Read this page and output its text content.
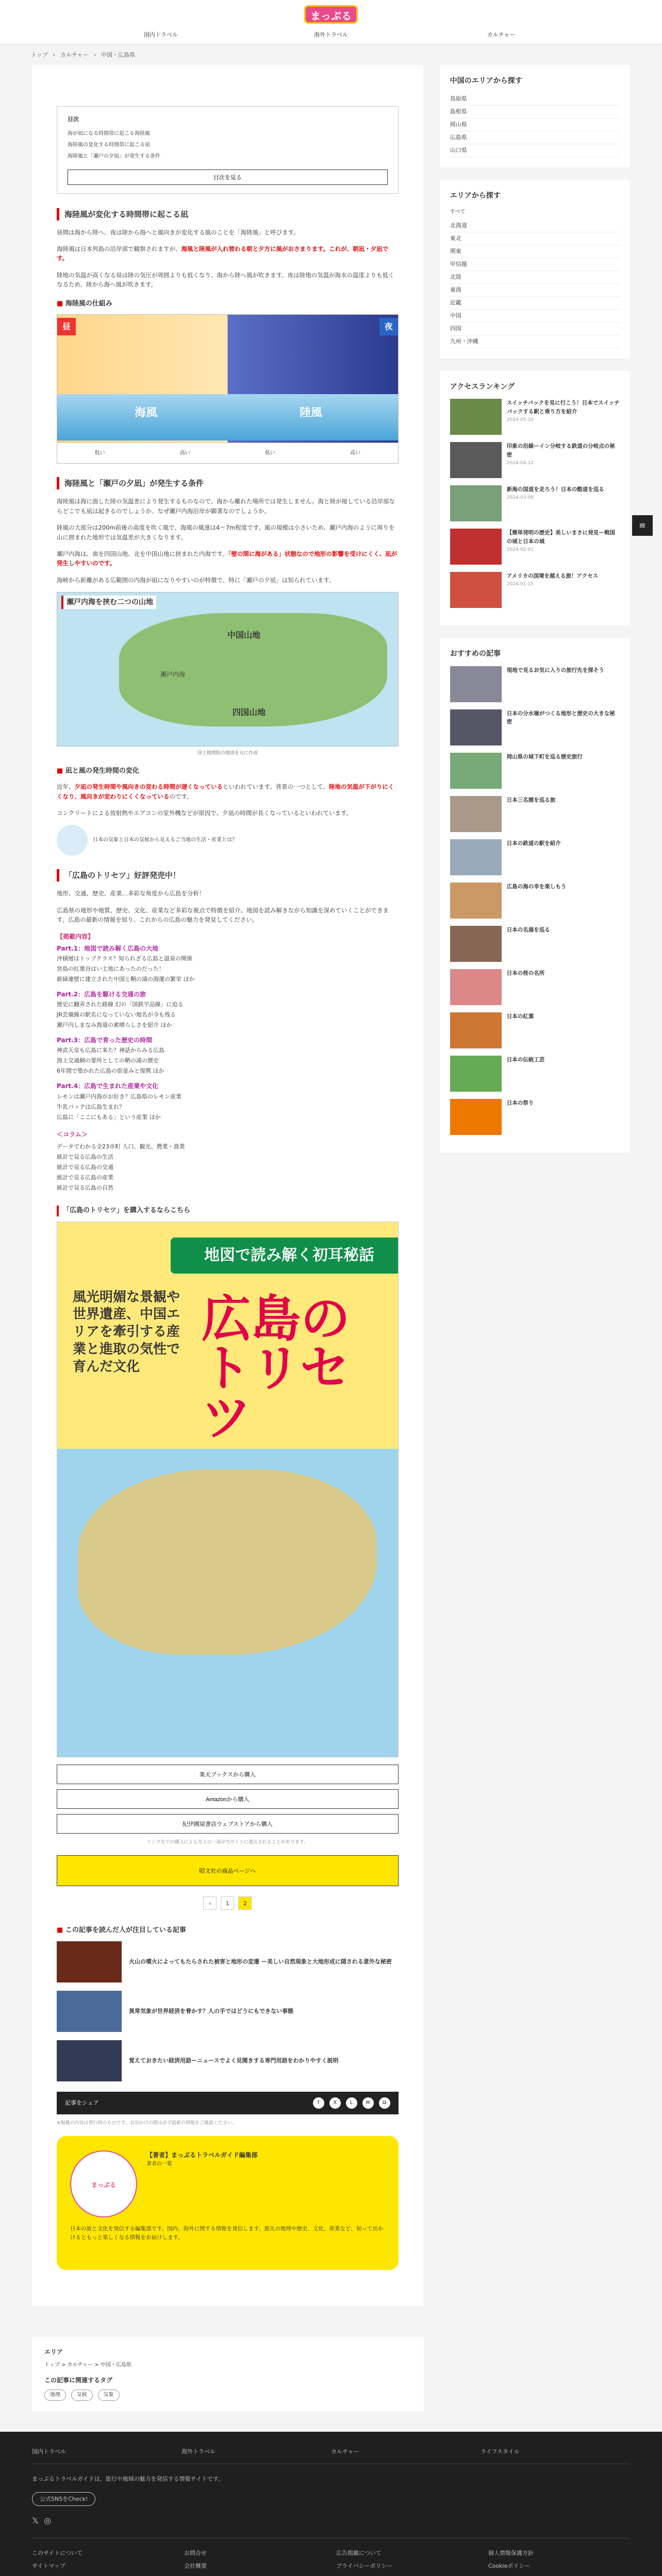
まっぷる
国内トラベル	海外トラベル	カルチャー
トップ › カルチャー › 中国・広島県
目次
海が凪になる時間帯に起こる海陸風
海陸風の変化する時間帯に起こる凪
海陸風と「瀬戸の夕凪」が発生する条件
目次を見る
海陸風が変化する時間帯に起こる凪

昼間は海から陸へ、夜は陸から海へと風向きが変化する風のことを「海陸風」と呼びます。

海陸風は日本列島の沿岸部で観察されますが、海風と陸風が入れ替わる朝と夕方に風がおさまります。これが、朝凪・夕凪です。

陸地の気温が高くなる昼は陸の気圧が周囲よりも低くなり、海から陸へ風が吹きます。夜は陸地の気温が海水の温度よりも低くなるため、陸から海へ風が吹きます。

■ 海陸風の仕組み
昼	夜
海風	陸風
低い	高い	低い	高い
海陸風と「瀬戸の夕凪」が発生する条件

海陸風は海に面した陸の気温差により発生するものなので、海から離れた場所では発生しません。海と陸が接している沿岸部ならどこでも凪は起きるのでしょうか。なぜ瀬戸内海沿岸が顕著なのでしょうか。

陸風の大部分は200m前後の高度を吹く風で、海風の風速は4〜7m程度です。風の規模は小さいため、瀬戸内海のように周りを山に囲まれた地形では気温差が大きくなります。

瀬戸内海は、南を四国山地、北を中国山地に挟まれた内海です。「壁の間に海がある」状態なので地形の影響を受けにくく、凪が発生しやすいのです。

海峡から距離がある広範囲の内海が凪になりやすいのが特徴で、特に「瀬戸の夕凪」は知られています。

瀬戸内海を挟む二つの山地
中国山地
瀬戸内海
四国山地
国土地理院の地図を元に作成
■ 凪と風の発生時間の変化

近年、夕凪の発生時間や風向きの変わる時間が遅くなっているといわれています。背景の一つとして、陸地の気温が下がりにくくなり、風向きが変わりにくくなっているのです。

コンクリートによる放射熱やエアコンの室外機などが原因で、夕凪の時間が長くなっているといわれています。

日本の気象と日本の気候から見えるご当地の生活・産業とは？
「広島のトリセツ」好評発売中！

地形、交通、歴史、産業…多彩な角度から広島を分析！

広島県の地形や地質、歴史、文化、産業など多彩な視点で特徴を紹介。地図を読み解きながら知識を深めていくことができます。広島の最新の情報を知り、これからの広島の魅力を発見してください。

【掲載内容】
Part.1：地図で読み解く広島の大地
沖積層はトップクラス？知られざる広島と温泉の関係
宮島の紅葉谷はい土地にあったのだった！
新緑連壁に建立された中国と鞆の浦の海運の繁栄 ほか
Part.2：広島を駆ける交通の旅
歴史に翻弄された路線 幻の「国鉄宇品線」に迫る
JR芸備線の駅名になっていない地名が今も残る
瀬戸内しまなみ海道の素晴らしさを紹介 ほか
Part.3：広島で育った歴史の時間
神武天皇も広島に来た？神話からみる広島
海上交通網の要所としての鞆の浦の歴史
6年間で築かれた広島の街並みと復興 ほか
Part.4：広島で生まれた産業や文化
レモンは瀬戸内海がお好き？広島県のレモン産業
牛乳パックは広島生まれ？
広島に「ここにもある」という産業 ほか
＜コラム＞
データでわかる全23市町 人口、観光、農業・漁業
統計で見る広島の生活
統計で見る広島の交通
統計で見る広島の産業
統計で見る広島の自然
「広島のトリセツ」を購入するならこちら
地図で読み解く初耳秘話
広島のトリセツ
風光明媚な景観や世界遺産、中国エリアを牽引する産業と進取の気性で育んだ文化
楽天ブックスから購入
Amazonから購入
紀伊國屋書店ウェブストアから購入
リンク先での購入による売上の一部が当サイトに還元されることがあります。
昭文社の商品ページへ
‹	1	2
■ この記事を読んだ人が注目している記事
火山の噴火によってもたらされた被害と地形の変遷 ー美しい自然現象と大地形成に隠される意外な秘密
異常気象が世界経済を脅かす？人の手ではどうにもできない事態
覚えておきたい経済用語ーニュースでよく見聞きする専門用語をわかりやすく説明
記事をシェア	f	X	L	✉	⧉
※掲載の内容は発行時のものです。お出かけの際は必ず最新の情報をご確認ください。
まっぷる
【著者】まっぷるトラベルガイド編集部
著者の一覧

日本の旅と文化を発信する編集部です。国内、海外に関する情報を発信します。旅先の地理や歴史、文化、産業など、知って出かけるともっと楽しくなる情報をお届けします。

中国のエリアから探す
鳥取県
島根県
岡山県
広島県
山口県
エリアから探す
すべて
北海道
東北
関東
甲信越
北陸
東海
近畿
中国
四国
九州・沖縄
アクセスランキング
スイッチバックを見に行こう！日本でスイッチバックする駅と乗り方を紹介
2024-05-20
印象の沿線ーイン分岐する鉄道の分岐点の秘密
2024-04-12
新海の国道を走ろう！日本の酷道を巡る
2024-03-08
【簡単発明の歴史】美しいまさに発見ー戦国の城と日本の城
2024-02-01
アメリカの国境を越える旅！アクセス
2024-01-15
おすすめの記事
現地で見るお気に入りの旅行先を探そう
日本の分水嶺がつくる地形と歴史の大きな秘密
岡山県の城下町を巡る歴史旅行
日本三名園を巡る旅
日本の鉄道の駅を紹介
広島の海の幸を楽しもう
日本の名湯を巡る
日本の桜の名所
日本の紅葉
日本の伝統工芸
日本の祭り
エリア
トップ > カルチャー > 中国・広島県
この記事に関連するタグ
地理	気候	気象
国内トラベル	海外トラベル	カルチャー	ライフスタイル
まっぷるトラベルガイドは、旅行や地域の魅力を発信する情報サイトです。
公式SNSをCheck!
𝕏 ◎
このサイトについて	お問合せ	広告掲載について	個人情報保護方針
サイトマップ	会社概要	プライバシーポリシー	Cookieポリシー
≡
